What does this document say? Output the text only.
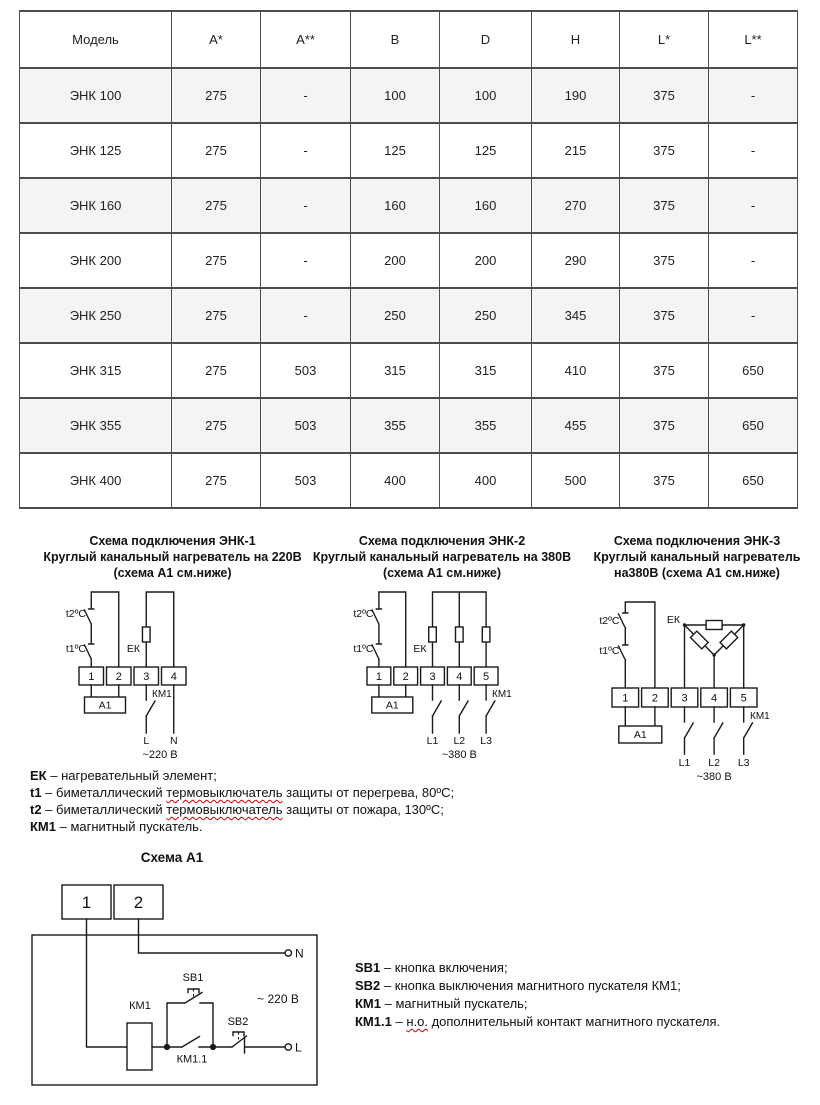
Модель	A*	A**	B	D	H	L*	L**
ЭНК 100	275	-	100	100	190	375	-
ЭНК 125	275	-	125	125	215	375	-
ЭНК 160	275	-	160	160	270	375	-
ЭНК 200	275	-	200	200	290	375	-
ЭНК 250	275	-	250	250	345	375	-
ЭНК 315	275	503	315	315	410	375	650
ЭНК 355	275	503	355	355	455	375	650
ЭНК 400	275	503	400	400	500	375	650
Схема подключения ЭНК-1
Круглый канальный нагреватель на 220В
(схема А1 см.ниже)
Схема подключения ЭНК-2
Круглый канальный нагреватель на 380В
(схема А1 см.ниже)
Схема подключения ЭНК-3
Круглый канальный нагреватель
на380В (схема А1 см.ниже)
t2ºС
t1ºС	ЕК
1 2 3 4
А1
КМ1
L N
~220 В
t2ºС
t1ºС	ЕК
1 2 3 4 5
А1
КМ1
L1 L2 L3
~380 В
t2ºС
t1ºС
ЕК
1 2 3 4 5
А1
КМ1
L1 L2 L3
~380 В
ЕК – нагревательный элемент;
t1 – биметаллический термовыключатель защиты от перегрева, 80ºС;
t2 – биметаллический термовыключатель защиты от пожара, 130ºС;
КМ1 – магнитный пускатель.
Схема А1
1	2
N
КМ1
КМ1.1
SB1
SB2
L
~ 220 В
SB1 – кнопка включения;
SB2 – кнопка выключения магнитного пускателя КМ1;
КМ1 – магнитный пускатель;
КМ1.1 – н.о. дополнительный контакт магнитного пускателя.
